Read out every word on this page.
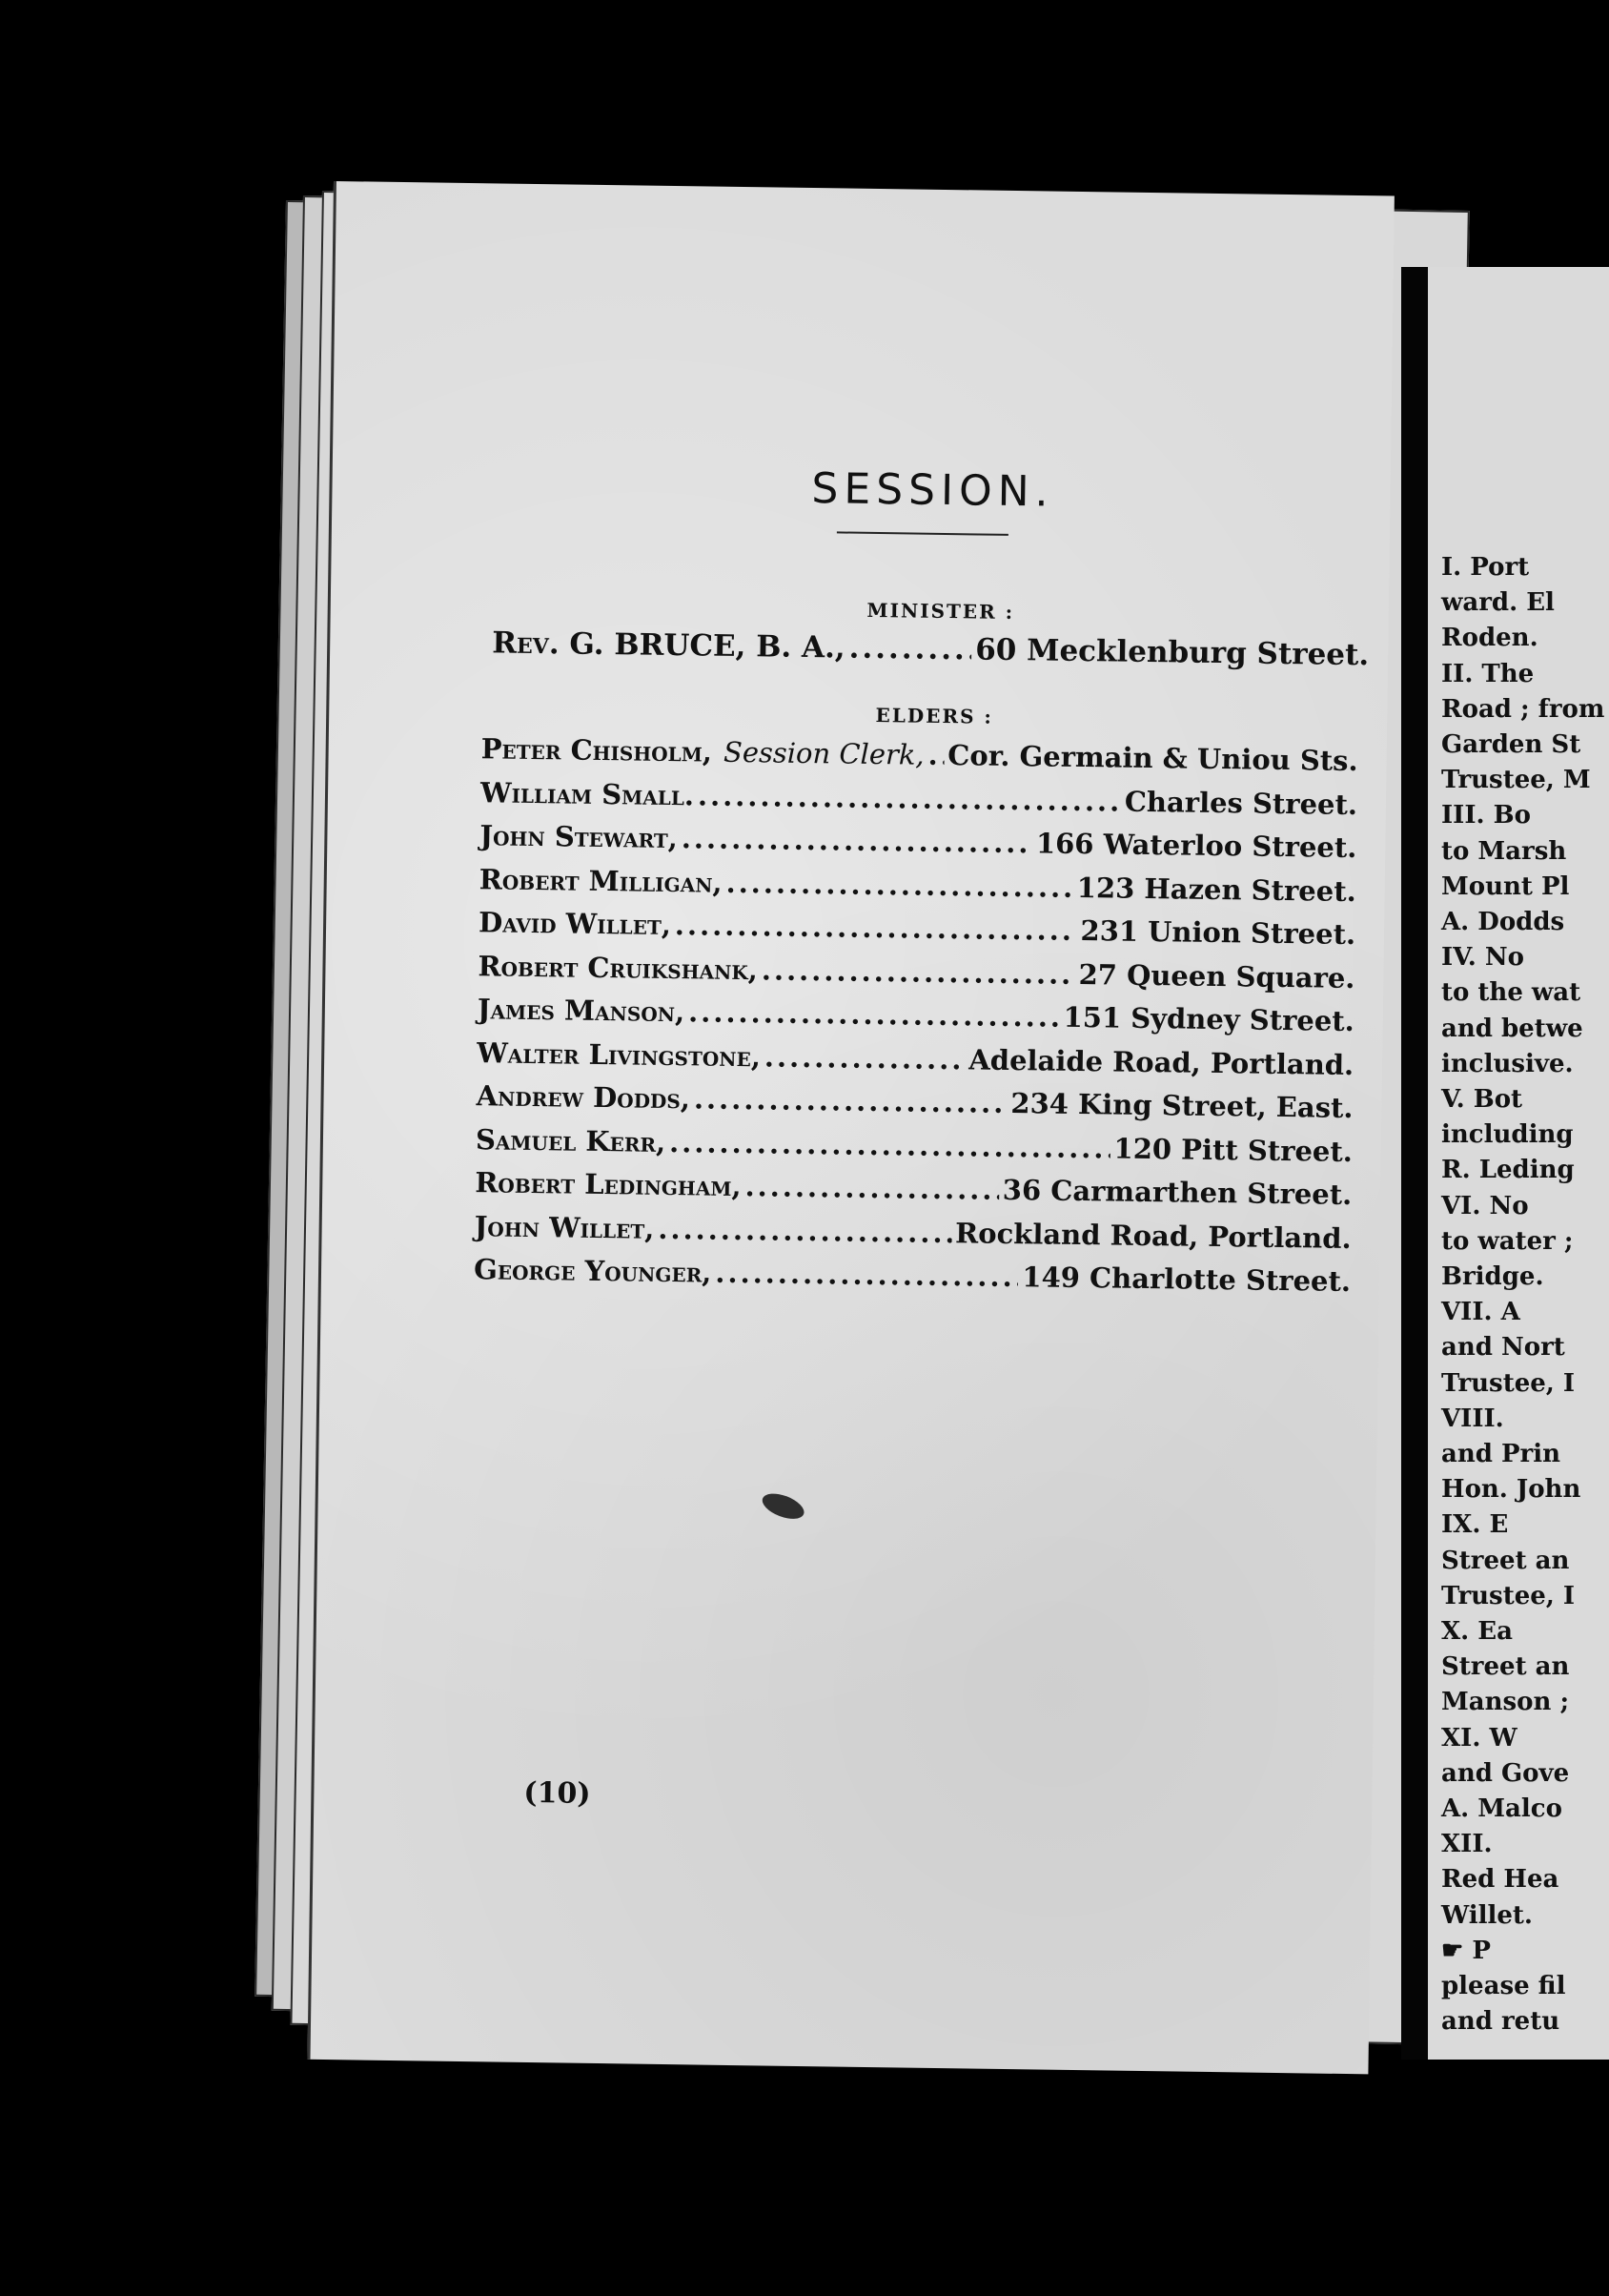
SESSION.
MINISTER :
Rev. G. BRUCE, B. A., .....	60 Mecklenburg Street.
ELDERS :
Peter Chisholm, Session Clerk, ..... Cor. Germain & Uniou Sts.
William Small. .....	Charles Street.
John Stewart, .....	166 Waterloo Street.
Robert Milligan, .....	123 Hazen Street.
David Willet, .....	231 Union Street.
Robert Cruikshank, .....	27 Queen Square.
James Manson, .....	151 Sydney Street.
Walter Livingstone, .....	Adelaide Road, Portland.
Andrew Dodds, .....	234 King Street, East.
Samuel Kerr, .....	120 Pitt Street.
Robert Ledingham, .....	36 Carmarthen Street.
John Willet, .....	Rockland Road, Portland.
George Younger, .....	149 Charlotte Street.
(10)
I. Port
ward. El
Roden.
II. The
Road ; from
Garden St
Trustee, M
III. Bo
to Marsh
Mount Pl
A. Dodds
IV. No
to the wat
and betwe
inclusive.
V. Bot
including
R. Leding
VI. No
to water ;
Bridge.
VII. A
and Nort
Trustee, I
VIII.
and Prin
Hon. John
IX. E
Street an
Trustee, I
X. Ea
Street an
Manson ;
XI. W
and Gove
A. Malco
XII.
Red Hea
Willet.
☛ P
please fil
and retu
